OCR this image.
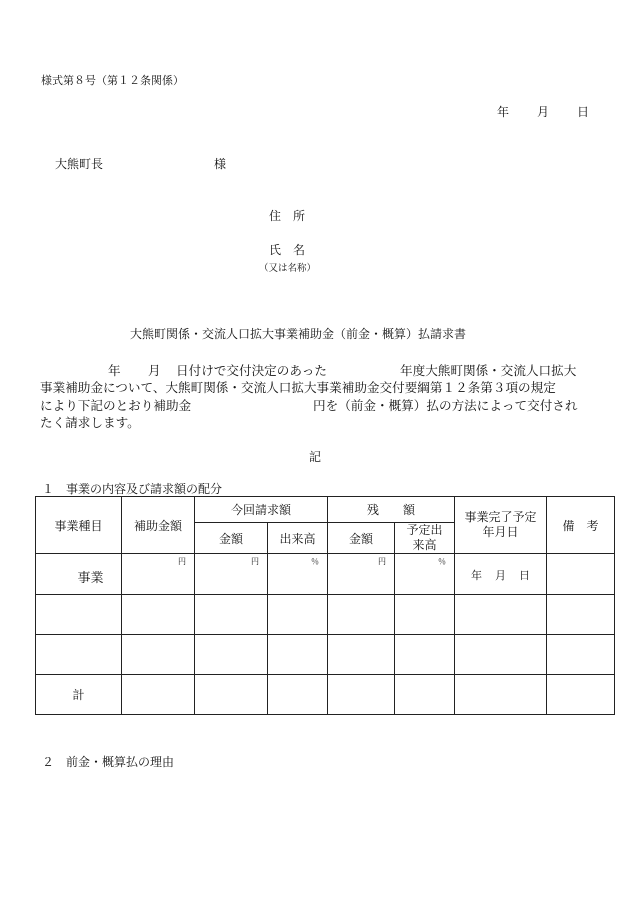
様式第８号（第１２条関係）
年 月 日
大熊町長	様
住　所
氏　名
（又は名称）
大熊町関係・交流人口拡大事業補助金（前金・概算）払請求書
年 月 日付けで交付決定のあった	年度大熊町関係・交流人口拡大
事業補助金について、大熊町関係・交流人口拡大事業補助金交付要綱第１２条第３項の規定
により下記のとおり補助金	円を（前金・概算）払の方法によって交付され
たく請求します。
記
１　事業の内容及び請求額の配分
事業種目	補助金額	今回請求額		残　　額		事業完了予定年月日	備　考
		金額	出来高	金額	予定出来高		

事業	円	円	％	円	％	年 月 日	

計							
２　前金・概算払の理由
